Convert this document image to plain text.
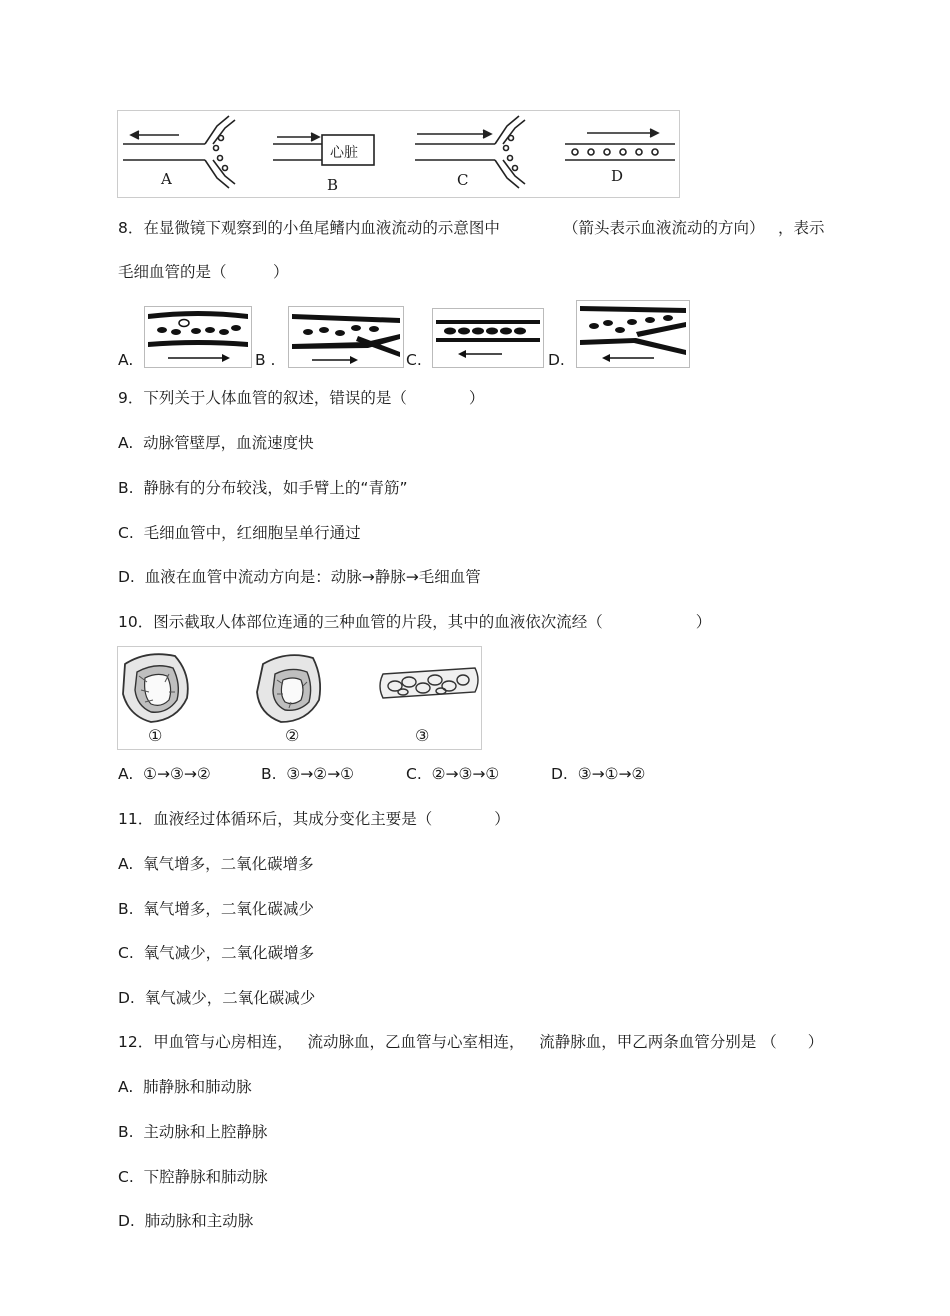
心脏
A	B	C	D
8．在显微镜下观察到的小鱼尾鳍内血液流动的示意图中	（箭头表示血液流动的方向） ，表示
毛细血管的是（　　　）
A.	B .	C.	D.
9．下列关于人体血管的叙述，错误的是（　　　　）
A.  动脉管壁厚，血流速度快
B.  静脉有的分布较浅，如手臂上的“青筋”
C.  毛细血管中，红细胞呈单行通过
D.  血液在血管中流动方向是：动脉→静脉→毛细血管
10．图示截取人体部位连通的三种血管的片段，其中的血液依次流经（　　　　　　）
①	②	③
A.  ①→③→②	B.  ③→②→①	C.  ②→③→①	D.  ③→①→②
11．血液经过体循环后，其成分变化主要是（　　　　）
A.  氧气增多，二氧化碳增多
B.  氧气增多，二氧化碳减少
C.  氧气减少，二氧化碳增多
D.  氧气减少，二氧化碳减少
12．甲血管与心房相连，   流动脉血，乙血管与心室相连，   流静脉血，甲乙两条血管分别是 （　　）
A.  肺静脉和肺动脉
B.  主动脉和上腔静脉
C.  下腔静脉和肺动脉
D.  肺动脉和主动脉
